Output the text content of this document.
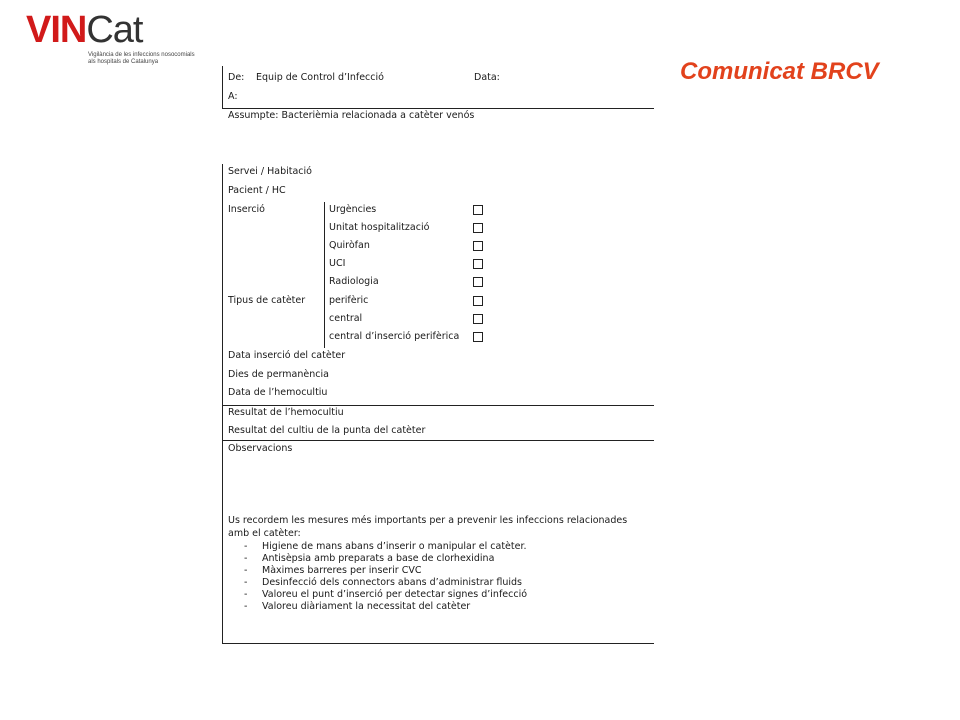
VINCat
Vigilància de les infeccions nosocomials als hospitals de Catalunya	Comunicat BRCV
De: Equip de Control d’Infecció	Data:
A:
Assumpte: Bacterièmia relacionada a catèter venós
Servei / Habitació
Pacient / HC
Inserció
Tipus de catèter
Urgències
Unitat hospitalització
Quiròfan
UCI
Radiologia
perifèric
central
central d’inserció perifèrica
Data inserció del catèter
Dies de permanència
Data de l’hemocultiu
Resultat de l’hemocultiu
Resultat del cultiu de la punta del catèter
Observacions
Us recordem les mesures més importants per a prevenir les infeccions relacionades
amb el catèter:
- Higiene de mans abans d’inserir o manipular el catèter.
- Antisèpsia amb preparats a base de clorhexidina
- Màximes barreres per inserir CVC
- Desinfecció dels connectors abans d’administrar fluids
- Valoreu el punt d’inserció per detectar signes d’infecció
- Valoreu diàriament la necessitat del catèter
